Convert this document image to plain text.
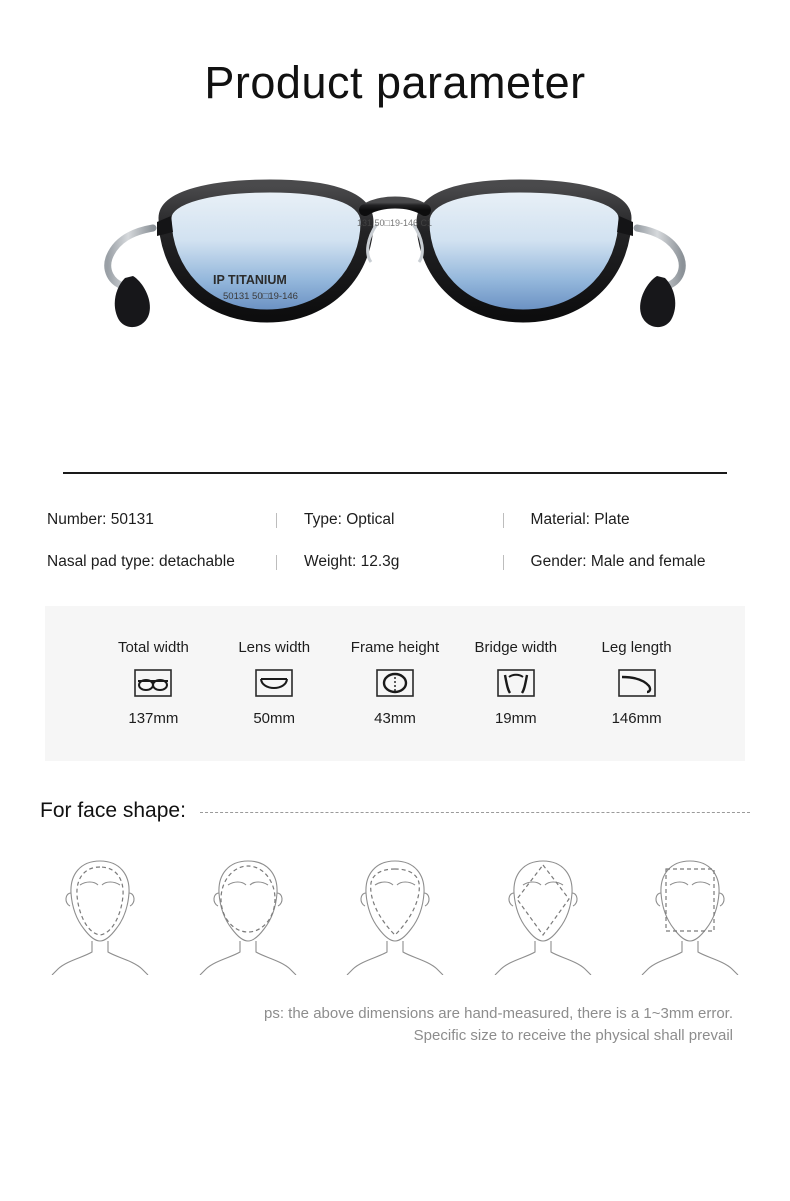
Product parameter
IP TITANIUM
50131 50□19-146
131 50□19-146 C1
Number: 50131	Type: Optical	Material: Plate
Nasal pad type: detachable	Weight: 12.3g	Gender: Male and female
Total width
137mm
Lens width
50mm
Frame height
43mm
Bridge width
19mm
Leg length
146mm
For face shape:
ps: the above dimensions are hand-measured, there is a 1~3mm error.
Specific size to receive the physical shall prevail
